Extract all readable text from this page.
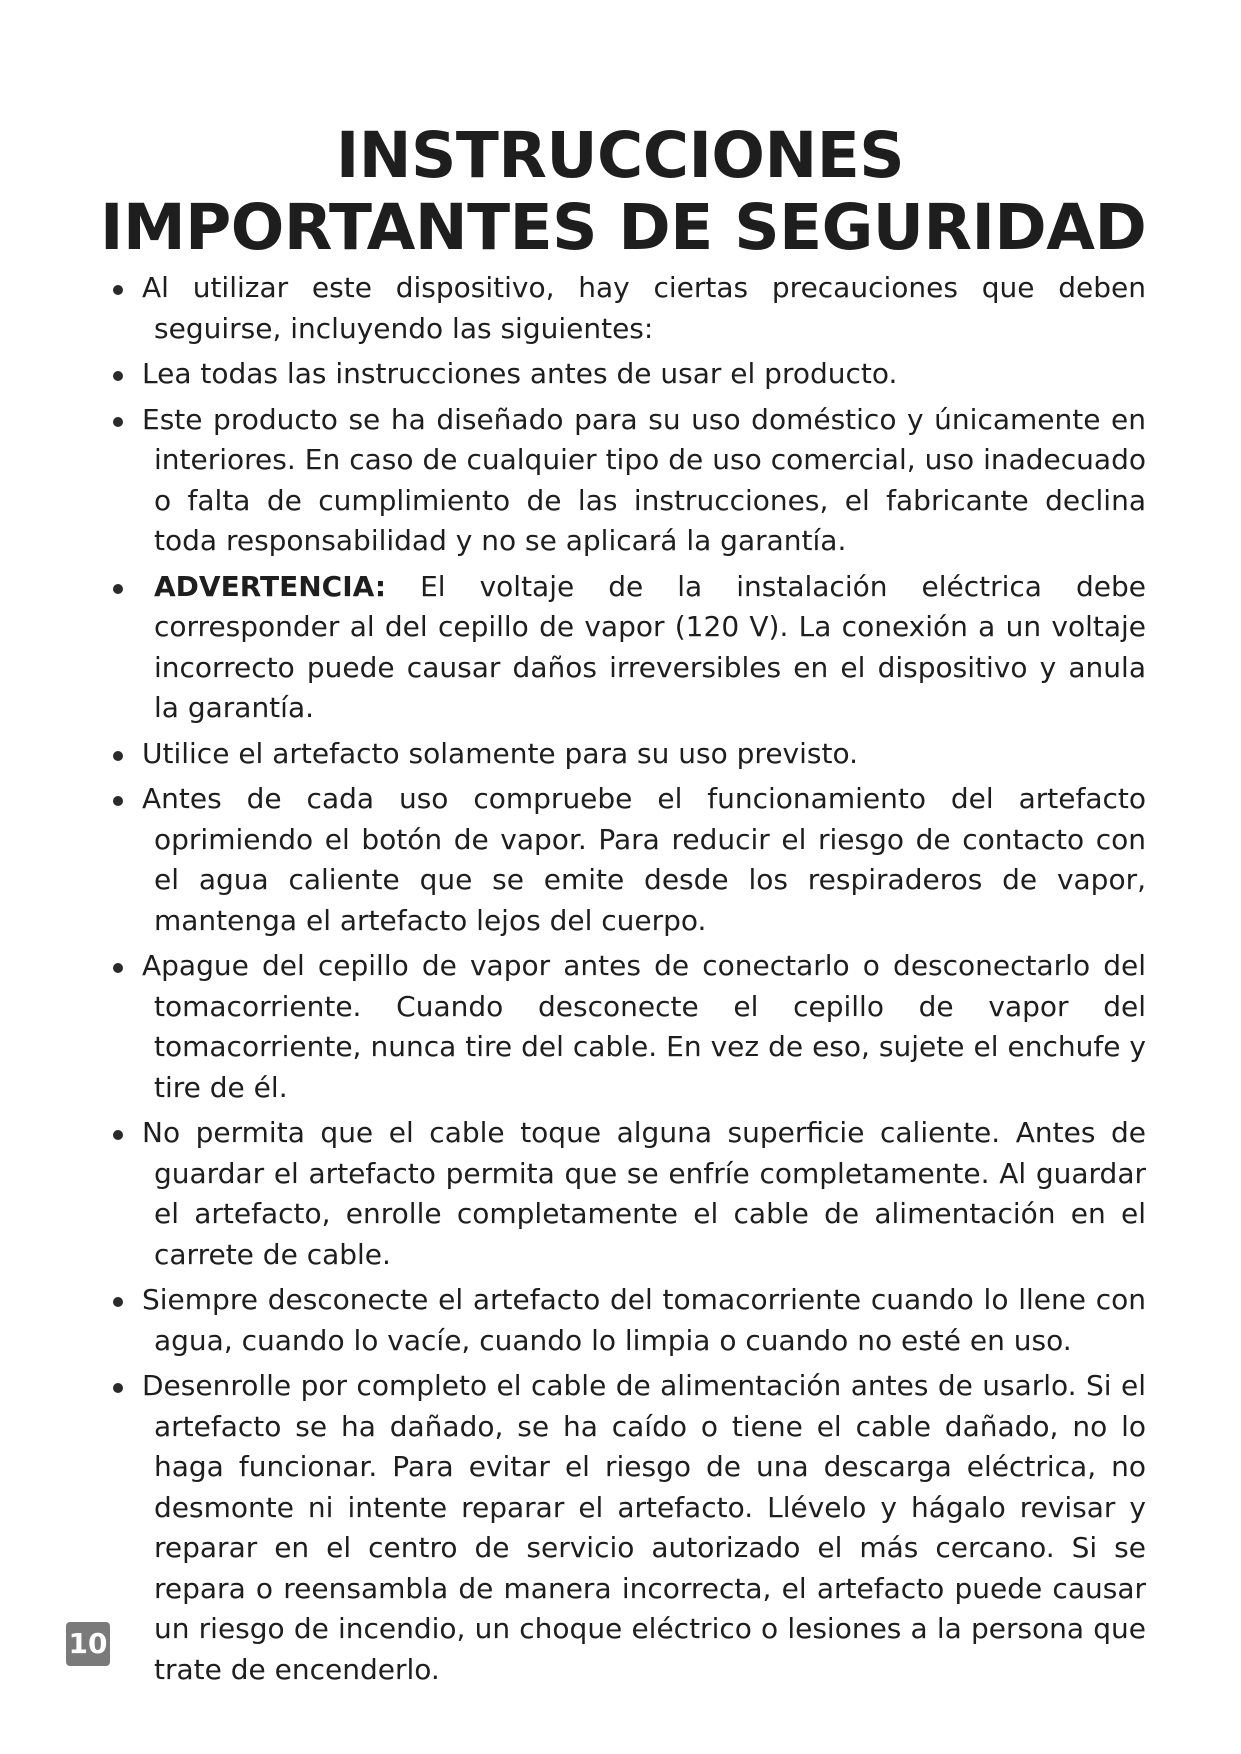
INSTRUCCIONES
IMPORTANTES DE SEGURIDAD
Al utilizar este dispositivo, hay ciertas precauciones que deben seguirse, incluyendo las siguientes:
Lea todas las instrucciones antes de usar el producto.
Este producto se ha diseñado para su uso doméstico y únicamente en interiores. En caso de cualquier tipo de uso comercial, uso inadecuado o falta de cumplimiento de las instrucciones, el fabricante declina toda responsabilidad y no se aplicará la garantía.
ADVERTENCIA: El voltaje de la instalación eléctrica debe corresponder al del cepillo de vapor (120 V). La conexión a un voltaje incorrecto puede causar daños irreversibles en el dispositivo y anula la garantía.
Utilice el artefacto solamente para su uso previsto.
Antes de cada uso compruebe el funcionamiento del artefacto oprimiendo el botón de vapor. Para reducir el riesgo de contacto con el agua caliente que se emite desde los respiraderos de vapor, mantenga el artefacto lejos del cuerpo.
Apague del cepillo de vapor antes de conectarlo o desconectarlo del tomacorriente. Cuando desconecte el cepillo de vapor del tomacorriente, nunca tire del cable. En vez de eso, sujete el enchufe y tire de él.
No permita que el cable toque alguna superficie caliente. Antes de guardar el artefacto permita que se enfríe completamente. Al guardar el artefacto, enrolle completamente el cable de alimentación en el carrete de cable.
Siempre desconecte el artefacto del tomacorriente cuando lo llene con agua, cuando lo vacíe, cuando lo limpia o cuando no esté en uso.
Desenrolle por completo el cable de alimentación antes de usarlo. Si el artefacto se ha dañado, se ha caído o tiene el cable dañado, no lo haga funcionar. Para evitar el riesgo de una descarga eléctrica, no desmonte ni intente reparar el artefacto. Llévelo y hágalo revisar y reparar en el centro de servicio autorizado el más cercano. Si se repara o reensambla de manera incorrecta, el artefacto puede causar un riesgo de incendio, un choque eléctrico o lesiones a la persona que trate de encenderlo.
10
